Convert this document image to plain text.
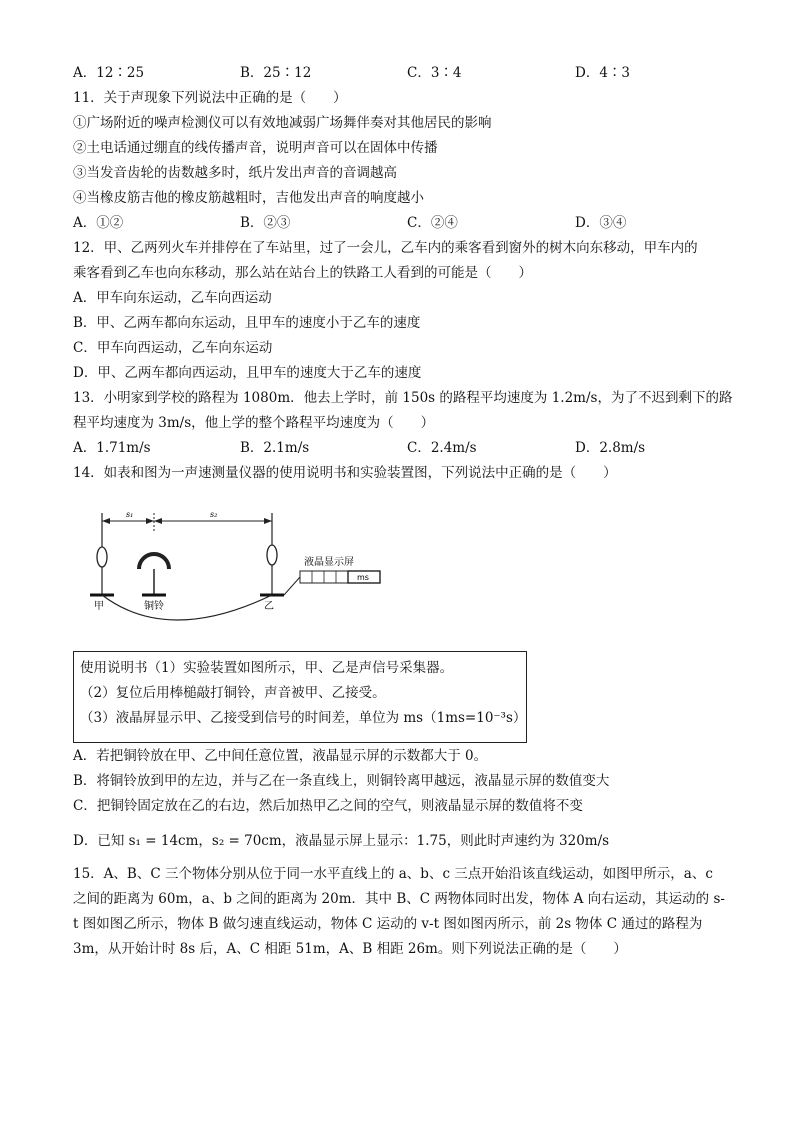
A．12∶25	B．25∶12	C．3∶4	D．4∶3
11．关于声现象下列说法中正确的是（　　）
①广场附近的噪声检测仪可以有效地减弱广场舞伴奏对其他居民的影响
②土电话通过绷直的线传播声音，说明声音可以在固体中传播
③当发音齿轮的齿数越多时，纸片发出声音的音调越高
④当橡皮筋吉他的橡皮筋越粗时，吉他发出声音的响度越小
A．①②	B．②③	C．②④	D．③④
12．甲、乙两列火车并排停在了车站里，过了一会儿，乙车内的乘客看到窗外的树木向东移动，甲车内的
乘客看到乙车也向东移动，那么站在站台上的铁路工人看到的可能是（　　）
A．甲车向东运动，乙车向西运动
B．甲、乙两车都向东运动，且甲车的速度小于乙车的速度
C．甲车向西运动，乙车向东运动
D．甲、乙两车都向西运动，且甲车的速度大于乙车的速度
13．小明家到学校的路程为 1080m．他去上学时，前 150s 的路程平均速度为 1.2m/s，为了不迟到剩下的路
程平均速度为 3m/s，他上学的整个路程平均速度为（　　）
A．1.71m/s	B．2.1m/s	C．2.4m/s	D．2.8m/s
14．如表和图为一声速测量仪器的使用说明书和实验装置图，下列说法中正确的是（　　）
s₁	s₂
ms
液晶显示屏
甲	铜铃	乙
使用说明书（1）实验装置如图所示，甲、乙是声信号采集器。
（2）复位后用棒槌敲打铜铃，声音被甲、乙接受。
（3）液晶屏显示甲、乙接受到信号的时间差，单位为 ms（1ms=10⁻³s）
A．若把铜铃放在甲、乙中间任意位置，液晶显示屏的示数都大于 0。
B．将铜铃放到甲的左边，并与乙在一条直线上，则铜铃离甲越远，液晶显示屏的数值变大
C．把铜铃固定放在乙的右边，然后加热甲乙之间的空气，则液晶显示屏的数值将不变
D．已知 s₁ = 14cm，s₂ = 70cm，液晶显示屏上显示：1.75，则此时声速约为 320m/s
15．A、B、C 三个物体分别从位于同一水平直线上的 a、b、c 三点开始沿该直线运动，如图甲所示，a、c
之间的距离为 60m，a、b 之间的距离为 20m．其中 B、C 两物体同时出发，物体 A 向右运动，其运动的 s-
t 图如图乙所示，物体 B 做匀速直线运动，物体 C 运动的 v-t 图如图丙所示，前 2s 物体 C 通过的路程为
3m，从开始计时 8s 后，A、C 相距 51m，A、B 相距 26m。则下列说法正确的是（　　）
